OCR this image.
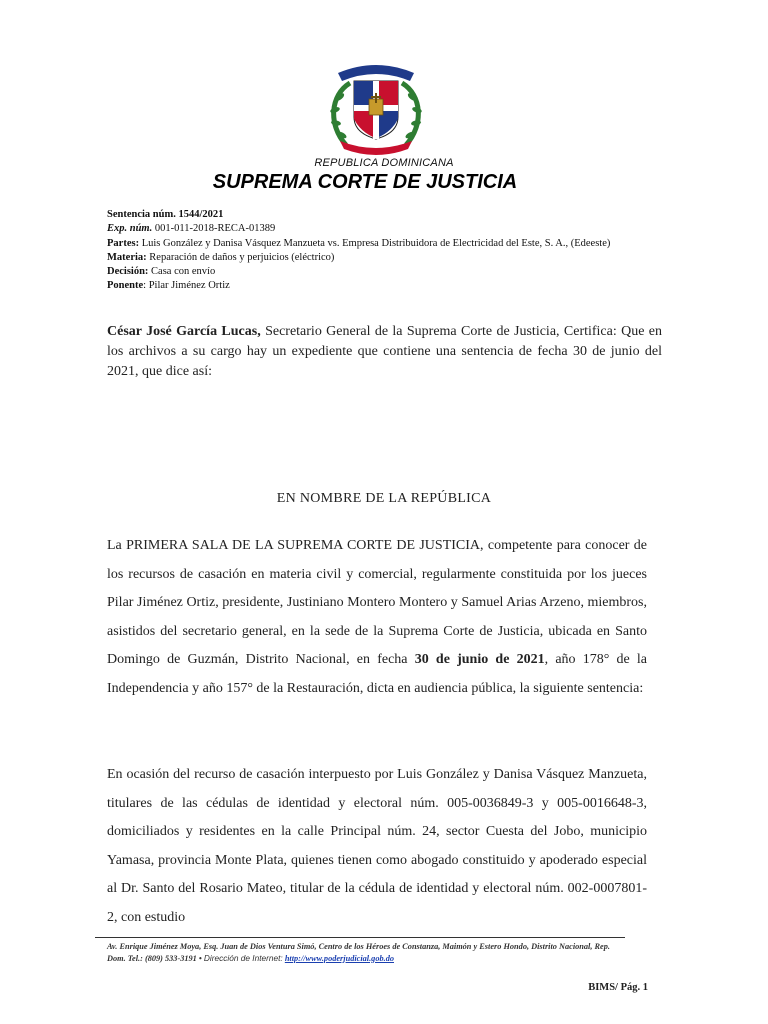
REPUBLICA DOMINICANA
SUPREMA CORTE DE JUSTICIA
Sentencia núm. 1544/2021
Exp. núm. 001-011-2018-RECA-01389
Partes: Luis González y Danisa Vásquez Manzueta vs. Empresa Distribuidora de Electricidad del Este, S. A., (Edeeste)
Materia: Reparación de daños y perjuicios (eléctrico)
Decisión: Casa con envío
Ponente: Pilar Jiménez Ortiz
César José García Lucas, Secretario General de la Suprema Corte de Justicia, Certifica: Que en los archivos a su cargo hay un expediente que contiene una sentencia de fecha 30 de junio del 2021, que dice así:
EN NOMBRE DE LA REPÚBLICA
La PRIMERA SALA DE LA SUPREMA CORTE DE JUSTICIA, competente para conocer de los recursos de casación en materia civil y comercial, regularmente constituida por los jueces Pilar Jiménez Ortiz, presidente, Justiniano Montero Montero y Samuel Arias Arzeno, miembros, asistidos del secretario general, en la sede de la Suprema Corte de Justicia, ubicada en Santo Domingo de Guzmán, Distrito Nacional, en fecha 30 de junio de 2021, año 178° de la Independencia y año 157° de la Restauración, dicta en audiencia pública, la siguiente sentencia:
En ocasión del recurso de casación interpuesto por Luis González y Danisa Vásquez Manzueta, titulares de las cédulas de identidad y electoral núm. 005-0036849-3 y 005-0016648-3, domiciliados y residentes en la calle Principal núm. 24, sector Cuesta del Jobo, municipio Yamasa, provincia Monte Plata, quienes tienen como abogado constituido y apoderado especial al Dr. Santo del Rosario Mateo, titular de la cédula de identidad y electoral núm. 002-0007801-2, con estudio
Av. Enrique Jiménez Moya, Esq. Juan de Dios Ventura Simó, Centro de los Héroes de Constanza, Maimón y Estero Hondo, Distrito Nacional, Rep. Dom. Tel.: (809) 533-3191 • Dirección de Internet: http://www.poderjudicial.gob.do
BIMS/ Pág. 1
